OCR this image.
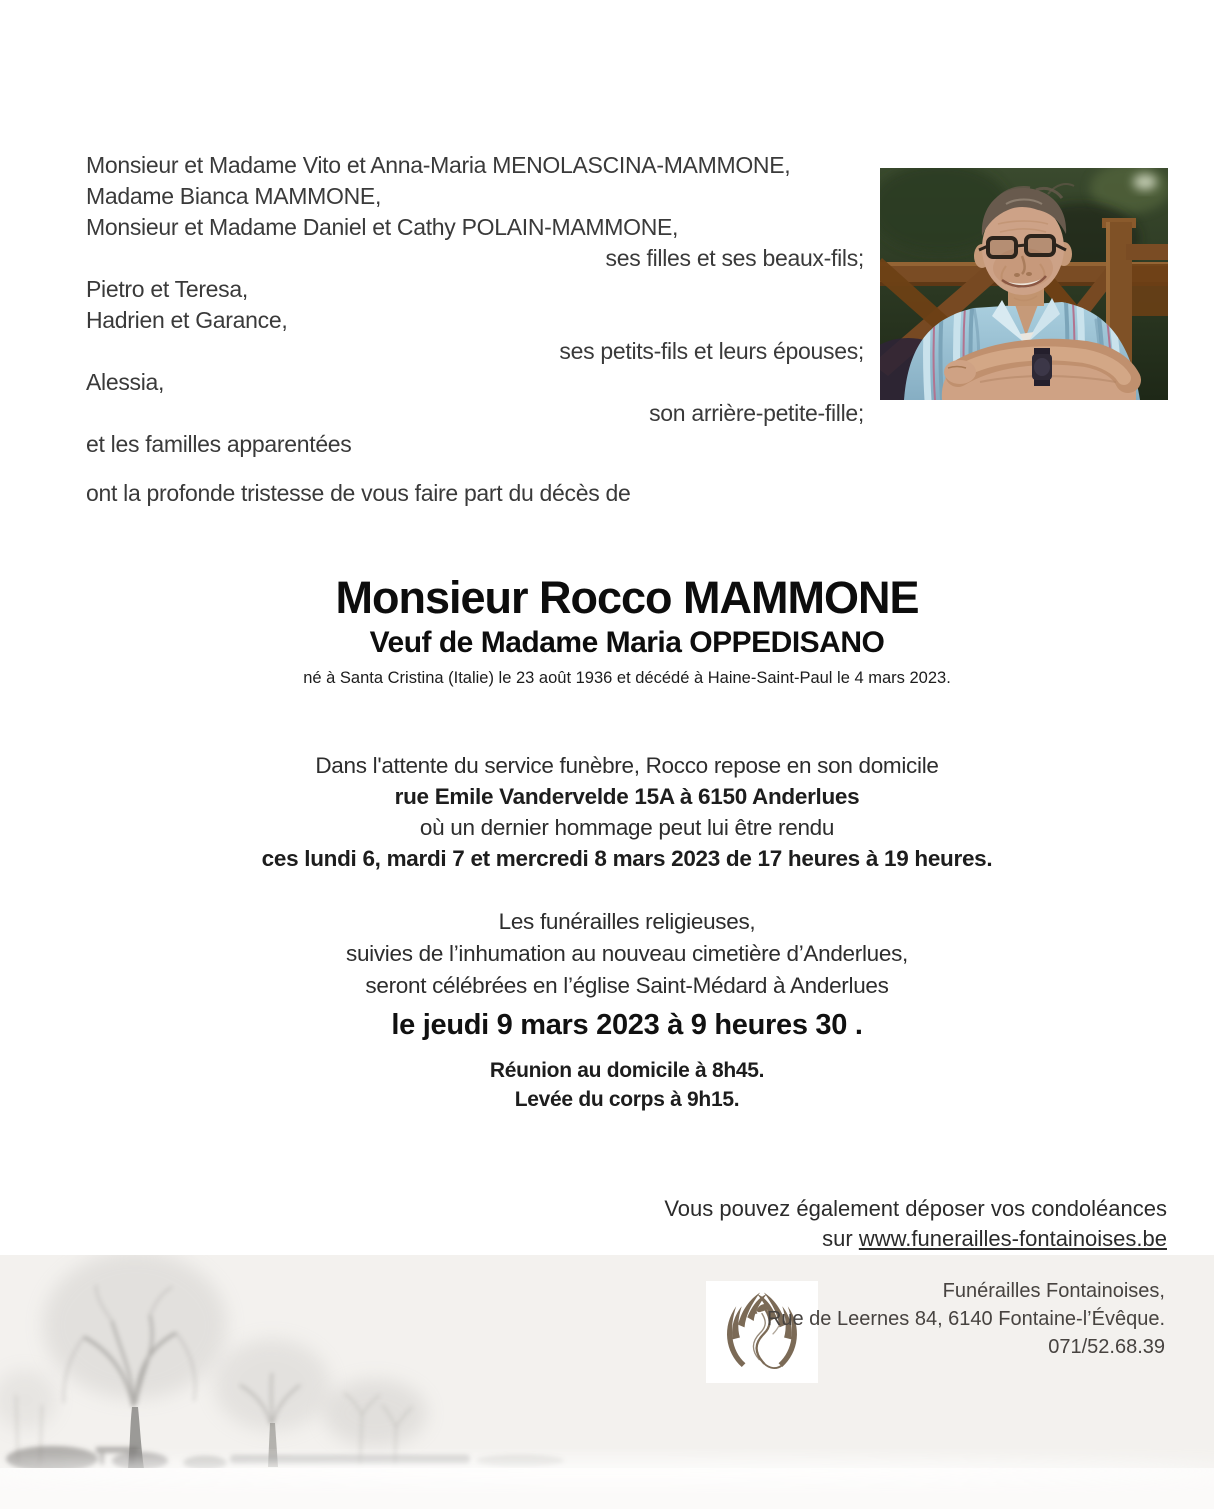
Monsieur et Madame Vito et Anna-Maria MENOLASCINA-MAMMONE,
Madame Bianca MAMMONE,
Monsieur et Madame Daniel et Cathy POLAIN-MAMMONE,
ses filles et ses beaux-fils;
Pietro et Teresa,
Hadrien et Garance,
ses petits-fils et leurs épouses;
Alessia,
son arrière-petite-fille;
et les familles apparentées
ont la profonde tristesse de vous faire part du décès de
Monsieur Rocco MAMMONE
Veuf de Madame Maria OPPEDISANO
né à Santa Cristina (Italie) le 23 août 1936 et décédé à Haine-Saint-Paul le 4 mars 2023.
Dans l'attente du service funèbre, Rocco repose en son domicile
rue Emile Vandervelde 15A à 6150 Anderlues
où un dernier hommage peut lui être rendu
ces lundi 6, mardi 7 et mercredi 8 mars 2023 de 17 heures à 19 heures.
Les funérailles religieuses,
suivies de l’inhumation au nouveau cimetière d’Anderlues,
seront célébrées en l’église Saint-Médard à Anderlues
le jeudi 9 mars 2023 à 9 heures 30 .
Réunion au domicile à 8h45.
Levée du corps à 9h15.
Vous pouvez également déposer vos condoléances
sur www.funerailles-fontainoises.be
Funérailles Fontainoises,
Rue de Leernes 84, 6140 Fontaine-l’Évêque.
071/52.68.39
